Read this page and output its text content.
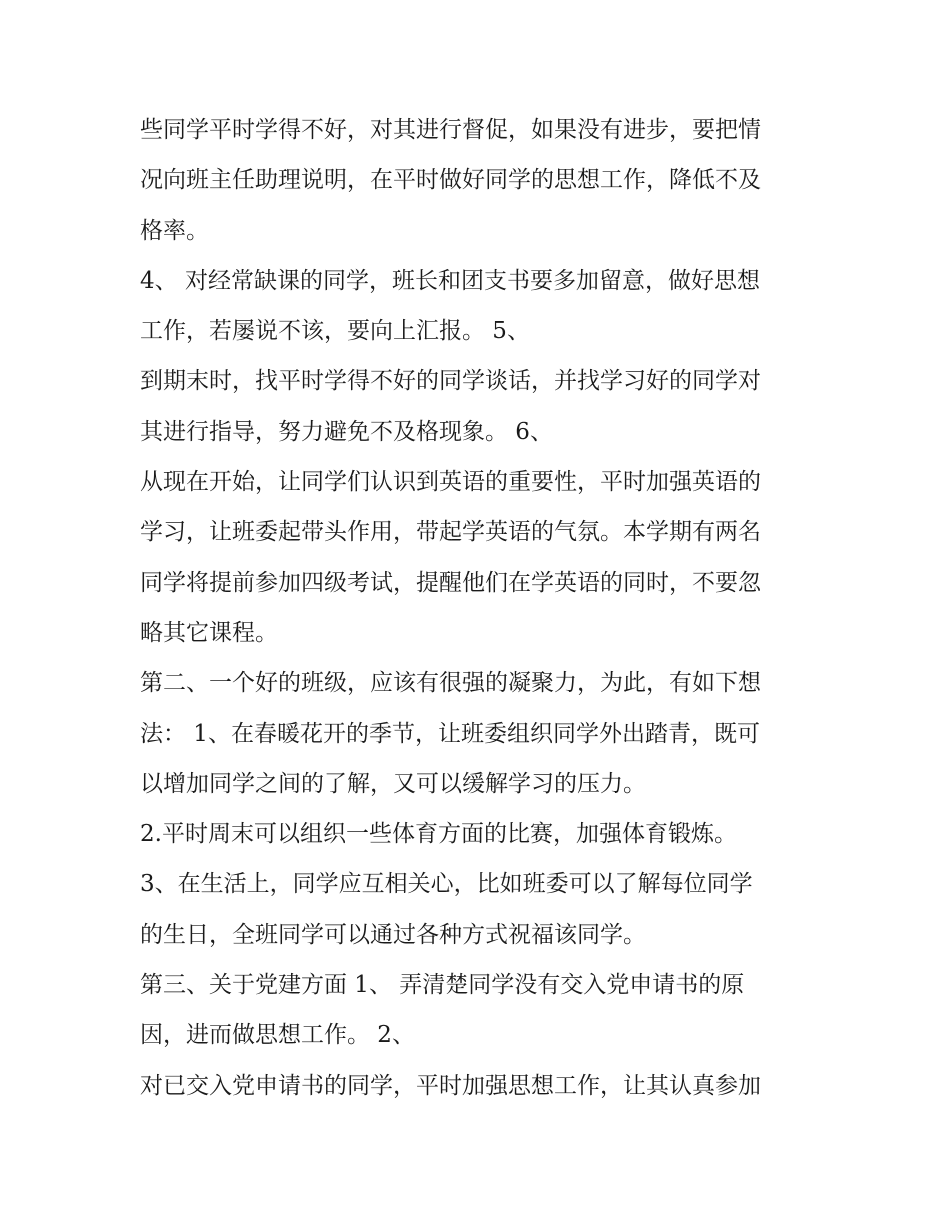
些同学平时学得不好，对其进行督促，如果没有进步，要把情
况向班主任助理说明，在平时做好同学的思想工作，降低不及
格率。
4、 对经常缺课的同学，班长和团支书要多加留意，做好思想
工作，若屡说不该，要向上汇报。 5、
到期末时，找平时学得不好的同学谈话，并找学习好的同学对
其进行指导，努力避免不及格现象。 6、
从现在开始，让同学们认识到英语的重要性，平时加强英语的
学习，让班委起带头作用，带起学英语的气氛。本学期有两名
同学将提前参加四级考试，提醒他们在学英语的同时，不要忽
略其它课程。
第二、一个好的班级，应该有很强的凝聚力，为此，有如下想
法： 1、在春暖花开的季节，让班委组织同学外出踏青，既可
以增加同学之间的了解，又可以缓解学习的压力。
2.平时周末可以组织一些体育方面的比赛，加强体育锻炼。
3、在生活上，同学应互相关心，比如班委可以了解每位同学
的生日，全班同学可以通过各种方式祝福该同学。
第三、关于党建方面 1、 弄清楚同学没有交入党申请书的原
因，进而做思想工作。 2、
对已交入党申请书的同学，平时加强思想工作，让其认真参加
